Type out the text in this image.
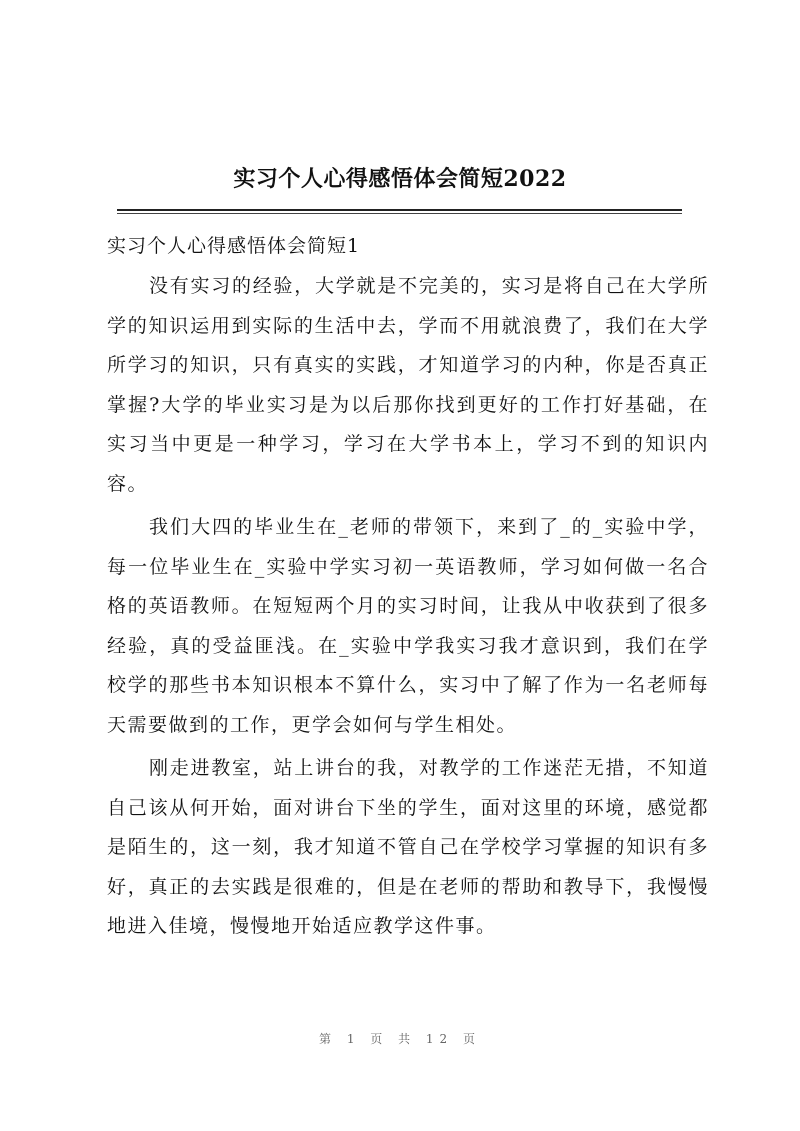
实习个人心得感悟体会简短2022
实习个人心得感悟体会简短1

没有实习的经验，大学就是不完美的，实习是将自己在大学所学的知识运用到实际的生活中去，学而不用就浪费了，我们在大学所学习的知识，只有真实的实践，才知道学习的内种，你是否真正掌握?大学的毕业实习是为以后那你找到更好的工作打好基础，在实习当中更是一种学习，学习在大学书本上，学习不到的知识内容。

我们大四的毕业生在_老师的带领下，来到了_的_实验中学，每一位毕业生在_实验中学实习初一英语教师，学习如何做一名合格的英语教师。在短短两个月的实习时间，让我从中收获到了很多经验，真的受益匪浅。在_实验中学我实习我才意识到，我们在学校学的那些书本知识根本不算什么，实习中了解了作为一名老师每天需要做到的工作，更学会如何与学生相处。

刚走进教室，站上讲台的我，对教学的工作迷茫无措，不知道自己该从何开始，面对讲台下坐的学生，面对这里的环境，感觉都是陌生的，这一刻，我才知道不管自己在学校学习掌握的知识有多好，真正的去实践是很难的，但是在老师的帮助和教导下，我慢慢地进入佳境，慢慢地开始适应教学这件事。

第 1 页 共 12 页
